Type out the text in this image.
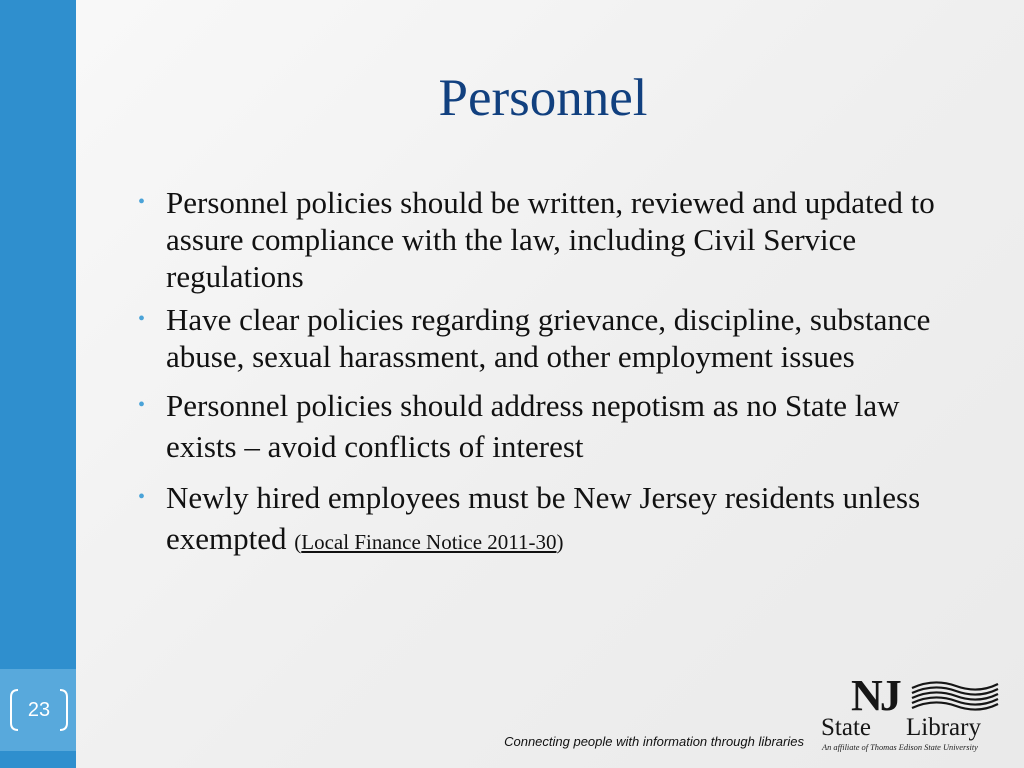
23
Personnel
• Personnel policies should be written, reviewed and updated to assure compliance with the law, including Civil Service regulations
• Have clear policies regarding grievance, discipline, substance abuse, sexual harassment, and other employment issues
• Personnel policies should address nepotism as no State law exists – avoid conflicts of interest
• Newly hired employees must be New Jersey residents unless exempted (Local Finance Notice 2011-30)
Connecting people with information through libraries
NJ
State Library
An affiliate of Thomas Edison State University
